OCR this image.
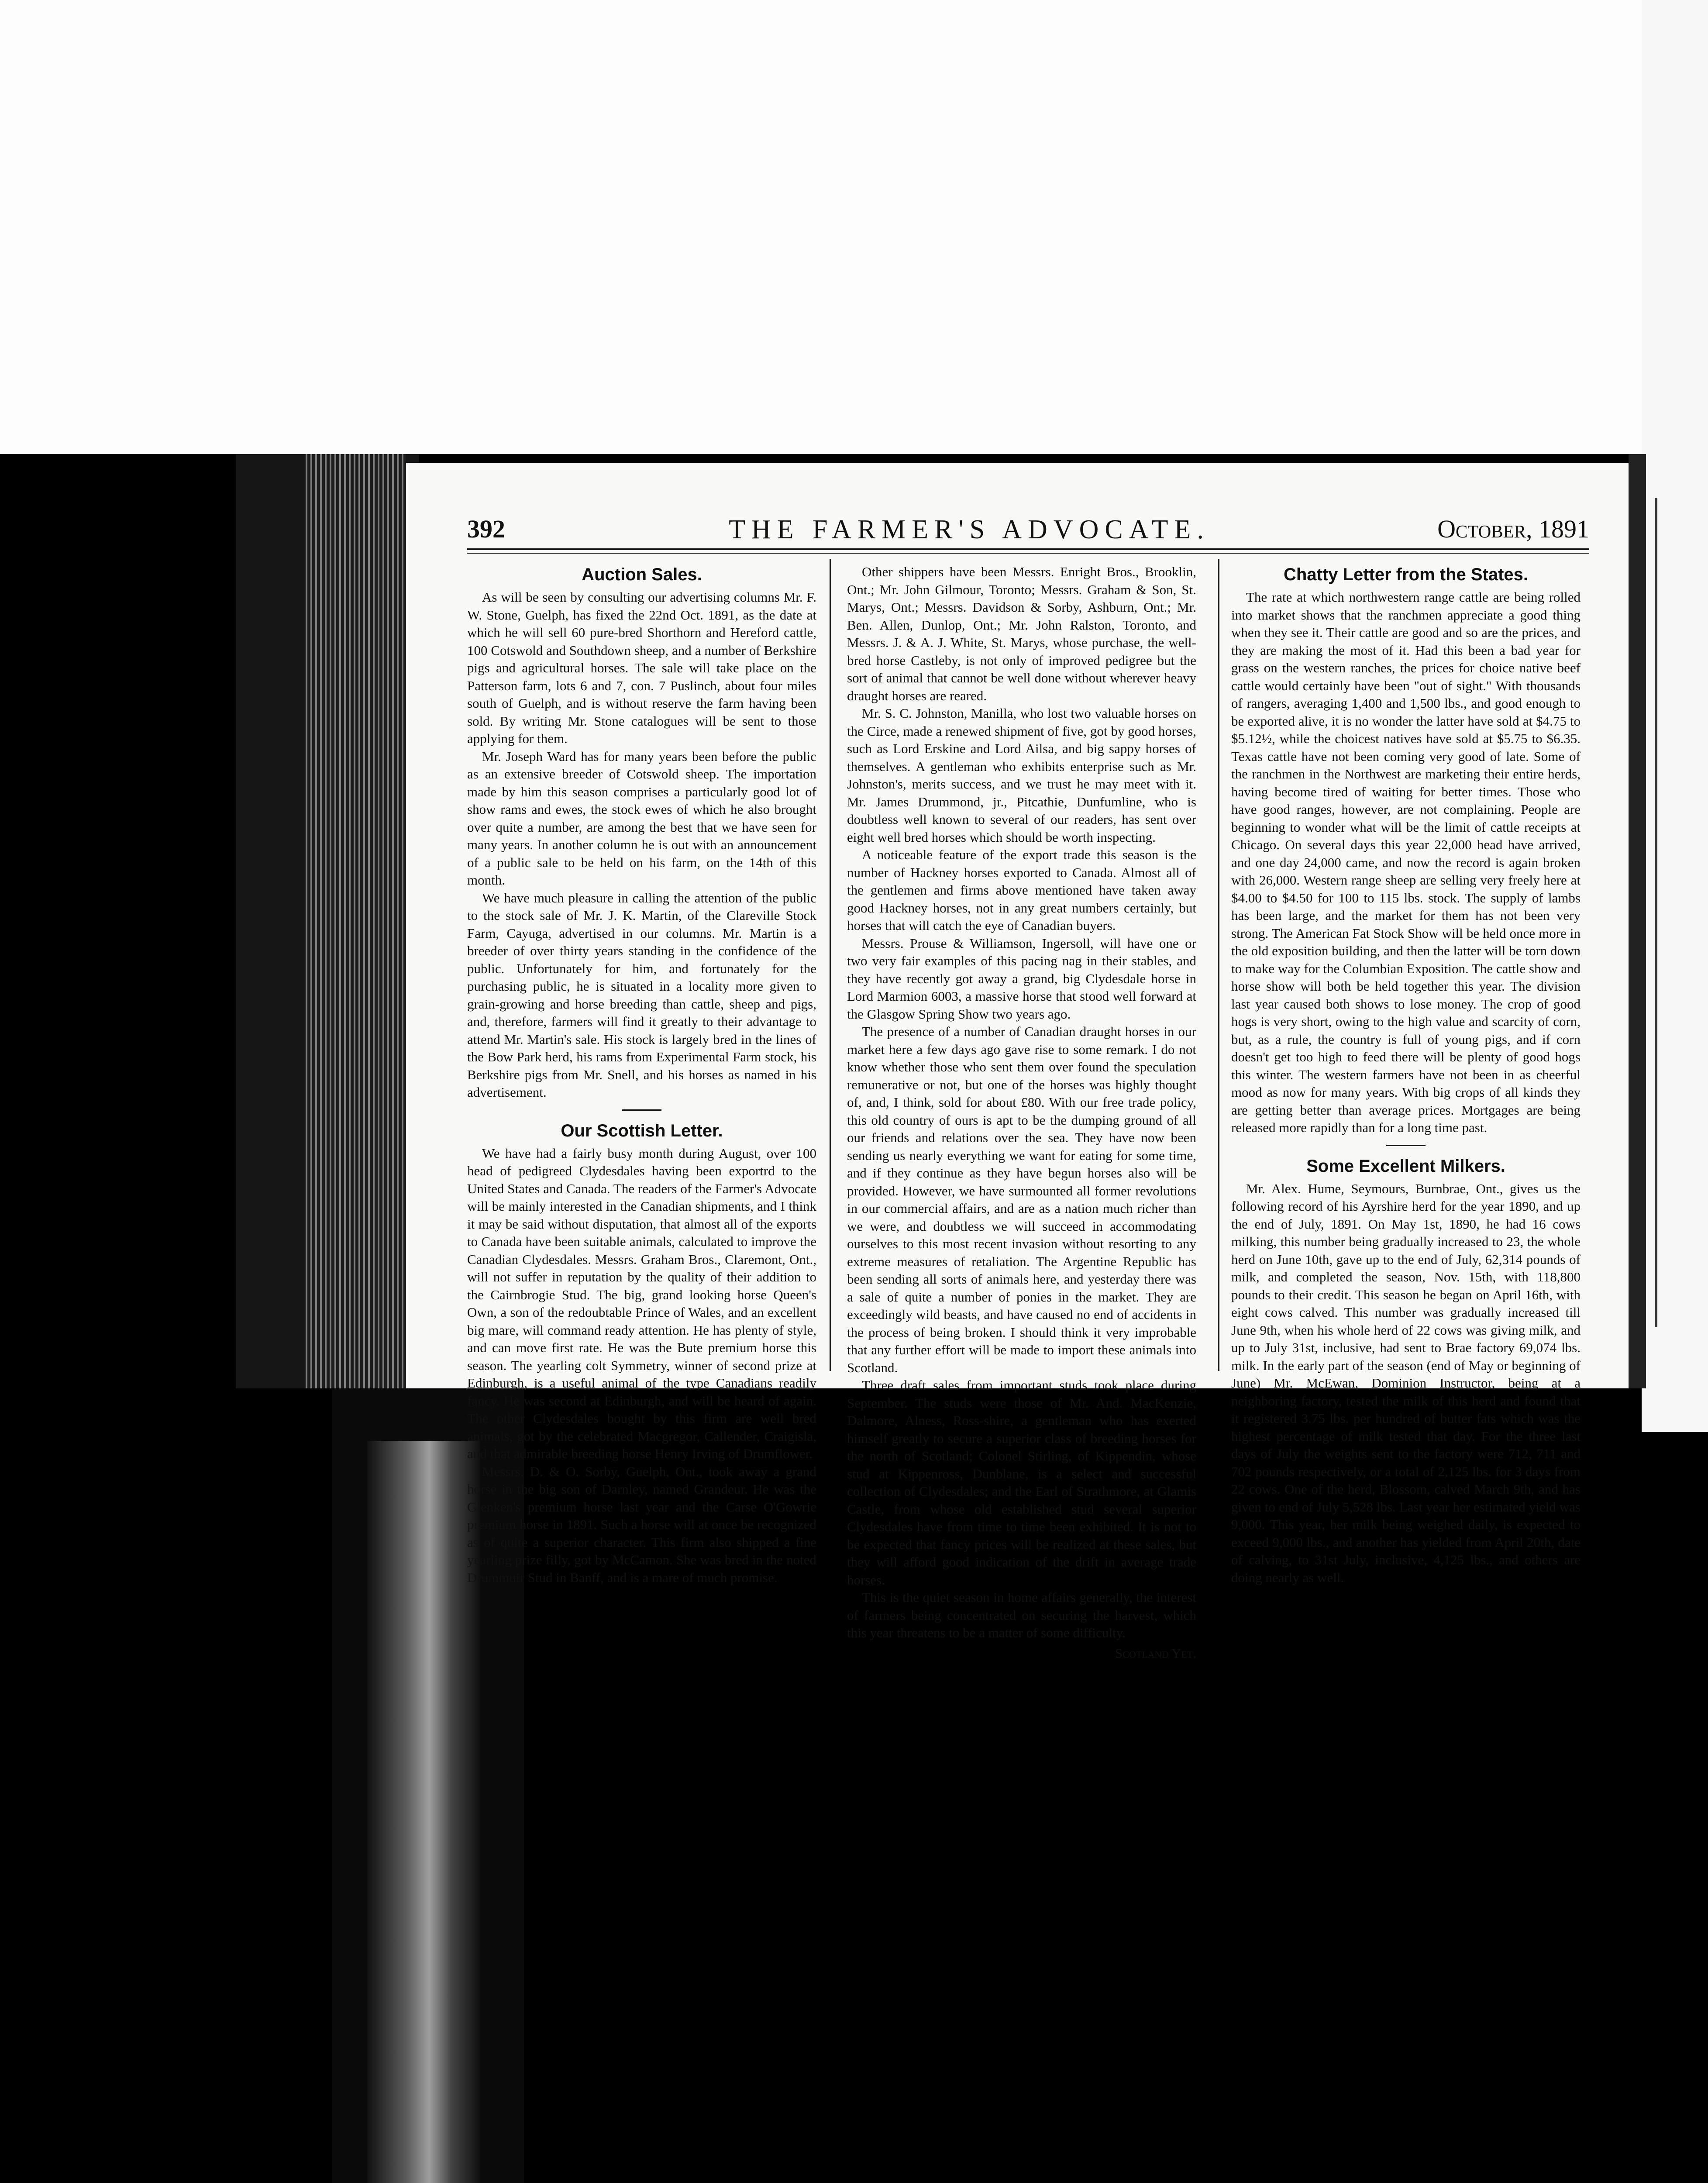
392	THE FARMER'S ADVOCATE.	October, 1891
Auction Sales.

As will be seen by consulting our advertising columns Mr. F. W. Stone, Guelph, has fixed the 22nd Oct. 1891, as the date at which he will sell 60 pure-bred Shorthorn and Hereford cattle, 100 Cotswold and Southdown sheep, and a number of Berkshire pigs and agricultural horses. The sale will take place on the Patterson farm, lots 6 and 7, con. 7 Puslinch, about four miles south of Guelph, and is without reserve the farm having been sold. By writing Mr. Stone catalogues will be sent to those applying for them.

Mr. Joseph Ward has for many years been before the public as an extensive breeder of Cotswold sheep. The importation made by him this season comprises a particularly good lot of show rams and ewes, the stock ewes of which he also brought over quite a number, are among the best that we have seen for many years. In another column he is out with an announcement of a public sale to be held on his farm, on the 14th of this month.

We have much pleasure in calling the attention of the public to the stock sale of Mr. J. K. Martin, of the Clareville Stock Farm, Cayuga, advertised in our columns. Mr. Martin is a breeder of over thirty years standing in the confidence of the public. Unfortunately for him, and fortunately for the purchasing public, he is situated in a locality more given to grain-growing and horse breeding than cattle, sheep and pigs, and, therefore, farmers will find it greatly to their advantage to attend Mr. Martin's sale. His stock is largely bred in the lines of the Bow Park herd, his rams from Experimental Farm stock, his Berkshire pigs from Mr. Snell, and his horses as named in his advertisement.

Our Scottish Letter.

We have had a fairly busy month during August, over 100 head of pedigreed Clydesdales having been exportrd to the United States and Canada. The readers of the Farmer's Advocate will be mainly interested in the Canadian shipments, and I think it may be said without disputation, that almost all of the exports to Canada have been suitable animals, calculated to improve the Canadian Clydesdales. Messrs. Graham Bros., Claremont, Ont., will not suffer in reputation by the quality of their addition to the Cairnbrogie Stud. The big, grand looking horse Queen's Own, a son of the redoubtable Prince of Wales, and an excellent big mare, will command ready attention. He has plenty of style, and can move first rate. He was the Bute premium horse this season. The yearling colt Symmetry, winner of second prize at Edinburgh, is a useful animal of the type Canadians readily fancy. He was second at Edinburgh, and will be heard of again. The other Clydesdales bought by this firm are well bred animals, got by the celebrated Macgregor, Callender, Craigisla, and that admirable breeding horse Henry Irving of Drumflower.

Messrs. D. & O. Sorby, Guelph, Ont., took away a grand horse in the big son of Darnley, named Grandeur. He was the Glenken's premium horse last year and the Carse O'Gowrie premium horse in 1891. Such a horse will at once be recognized as of quite a superior character. This firm also shipped a fine yearling prize filly, got by McCamon. She was bred in the noted Drummuir Stud in Banff, and is a mare of much promise.

Other shippers have been Messrs. Enright Bros., Brooklin, Ont.; Mr. John Gilmour, Toronto; Messrs. Graham & Son, St. Marys, Ont.; Messrs. Davidson & Sorby, Ashburn, Ont.; Mr. Ben. Allen, Dunlop, Ont.; Mr. John Ralston, Toronto, and Messrs. J. & A. J. White, St. Marys, whose purchase, the well-bred horse Castleby, is not only of improved pedigree but the sort of animal that cannot be well done without wherever heavy draught horses are reared.

Mr. S. C. Johnston, Manilla, who lost two valuable horses on the Circe, made a renewed shipment of five, got by good horses, such as Lord Erskine and Lord Ailsa, and big sappy horses of themselves. A gentleman who exhibits enterprise such as Mr. Johnston's, merits success, and we trust he may meet with it. Mr. James Drummond, jr., Pitcathie, Dunfumline, who is doubtless well known to several of our readers, has sent over eight well bred horses which should be worth inspecting.

A noticeable feature of the export trade this season is the number of Hackney horses exported to Canada. Almost all of the gentlemen and firms above mentioned have taken away good Hackney horses, not in any great numbers certainly, but horses that will catch the eye of Canadian buyers.

Messrs. Prouse & Williamson, Ingersoll, will have one or two very fair examples of this pacing nag in their stables, and they have recently got away a grand, big Clydesdale horse in Lord Marmion 6003, a massive horse that stood well forward at the Glasgow Spring Show two years ago.

The presence of a number of Canadian draught horses in our market here a few days ago gave rise to some remark. I do not know whether those who sent them over found the speculation remunerative or not, but one of the horses was highly thought of, and, I think, sold for about £80. With our free trade policy, this old country of ours is apt to be the dumping ground of all our friends and relations over the sea. They have now been sending us nearly everything we want for eating for some time, and if they continue as they have begun horses also will be provided. However, we have surmounted all former revolutions in our commercial affairs, and are as a nation much richer than we were, and doubtless we will succeed in accommodating ourselves to this most recent invasion without resorting to any extreme measures of retaliation. The Argentine Republic has been sending all sorts of animals here, and yesterday there was a sale of quite a number of ponies in the market. They are exceedingly wild beasts, and have caused no end of accidents in the process of being broken. I should think it very improbable that any further effort will be made to import these animals into Scotland.

Three draft sales from important studs took place during September. The studs were those of Mr. And. MacKenzie, Dalmore, Alness, Ross-shire, a gentleman who has exerted himself greatly to secure a superior class of breeding horses for the north of Scotland; Colonel Stirling, of Kippendin, whose stud at Kippenross, Dunblane, is a select and successful collection of Clydesdales; and the Earl of Strathmore, at Glamis Castle, from whose old established stud several superior Clydesdales have from time to time been exhibited. It is not to be expected that fancy prices will be realized at these sales, but they will afford good indication of the drift in average trade horses.

This is the quiet season in home affairs generally, the interest of farmers being concentrated on securing the harvest, which this year threatens to be a matter of some difficulty.

Scotland Yet.
Chatty Letter from the States.

The rate at which northwestern range cattle are being rolled into market shows that the ranchmen appreciate a good thing when they see it. Their cattle are good and so are the prices, and they are making the most of it. Had this been a bad year for grass on the western ranches, the prices for choice native beef cattle would certainly have been "out of sight." With thousands of rangers, averaging 1,400 and 1,500 lbs., and good enough to be exported alive, it is no wonder the latter have sold at $4.75 to $5.12½, while the choicest natives have sold at $5.75 to $6.35. Texas cattle have not been coming very good of late. Some of the ranchmen in the Northwest are marketing their entire herds, having become tired of waiting for better times. Those who have good ranges, however, are not complaining. People are beginning to wonder what will be the limit of cattle receipts at Chicago. On several days this year 22,000 head have arrived, and one day 24,000 came, and now the record is again broken with 26,000. Western range sheep are selling very freely here at $4.00 to $4.50 for 100 to 115 lbs. stock. The supply of lambs has been large, and the market for them has not been very strong. The American Fat Stock Show will be held once more in the old exposition building, and then the latter will be torn down to make way for the Columbian Exposition. The cattle show and horse show will both be held together this year. The division last year caused both shows to lose money. The crop of good hogs is very short, owing to the high value and scarcity of corn, but, as a rule, the country is full of young pigs, and if corn doesn't get too high to feed there will be plenty of good hogs this winter. The western farmers have not been in as cheerful mood as now for many years. With big crops of all kinds they are getting better than average prices. Mortgages are being released more rapidly than for a long time past.

Some Excellent Milkers.

Mr. Alex. Hume, Seymours, Burnbrae, Ont., gives us the following record of his Ayrshire herd for the year 1890, and up the end of July, 1891. On May 1st, 1890, he had 16 cows milking, this number being gradually increased to 23, the whole herd on June 10th, gave up to the end of July, 62,314 pounds of milk, and completed the season, Nov. 15th, with 118,800 pounds to their credit. This season he began on April 16th, with eight cows calved. This number was gradually increased till June 9th, when his whole herd of 22 cows was giving milk, and up to July 31st, inclusive, had sent to Brae factory 69,074 lbs. milk. In the early part of the season (end of May or beginning of June) Mr. McEwan, Dominion Instructor, being at a neighboring factory, tested the milk of this herd and found that it registered 3.75 lbs. per hundred of butter fats which was the highest percentage of milk tested that day. For the three last days of July the weights sent to the factory were 712, 711 and 702 pounds respectively, or a total of 2,125 lbs. for 3 days from 22 cows. One of the herd, Blossom, calved March 9th, and has given to end of July 5,528 lbs. Last year her estimated yield was 9,000. This year, her milk being weighed daily, is expected to exceed 9,000 lbs., and another has yielded from April 20th, date of calving, to 31st July, inclusive, 4,125 lbs., and others are doing nearly as well.
